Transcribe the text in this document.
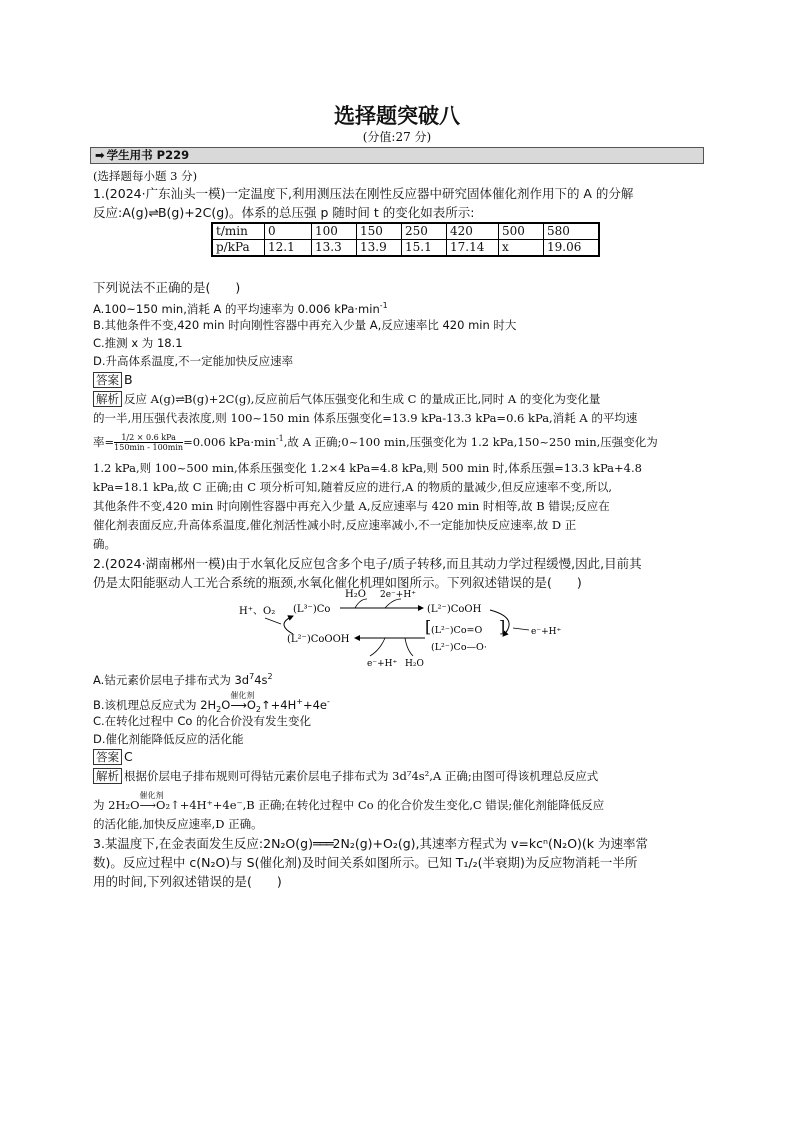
选择题突破八
(分值:27 分)
➡ 学生用书 P229
(选择题每小题 3 分)
1.(2024·广东汕头一模)一定温度下,利用测压法在刚性反应器中研究固体催化剂作用下的 A 的分解
反应:A(g)⇌B(g)+2C(g)。体系的总压强 p 随时间 t 的变化如表所示:
t/min	0	100	150	250	420	500	580
p/kPa	12.1	13.3	13.9	15.1	17.14	x	19.06
下列说法不正确的是(　　)
A.100~150 min,消耗 A 的平均速率为 0.006 $kPa\cdot\min^{-1}$
B.其他条件不变,420 min 时向刚性容器中再充入少量 A,反应速率比 420 min 时大
C.推测 x 为 18.1
D.升高体系温度,不一定能加快反应速率
答案 B
解析 反应 A(g)⇌B(g)+2C(g),反应前后气体压强变化和生成 C 的量成正比,同时 A 的变化为变化量
的一半,用压强代表浓度,则 100~150 min 体系压强变化=13.9 kPa-13.3 kPa=0.6 kPa,消耗 A 的平均速
率= $\frac{\text{1/2 × 0.6 kPa}}{150\min - 100\min} =0.006$ $kPa\cdot\min^{-1}$,故 A 正确;0~100 min,压强变化为 1.2 kPa,150~250 min,压强变化为
1.2 kPa,则 100~500 min,体系压强变化 1.2×4 kPa=4.8 kPa,则 500 min 时,体系压强=13.3 kPa+4.8
kPa=18.1 kPa,故 C 正确;由 C 项分析可知,随着反应的进行,A 的物质的量减少,但反应速率不变,所以,
其他条件不变,420 min 时向刚性容器中再充入少量 A,反应速率与 420 min 时相等,故 B 错误;反应在
催化剂表面反应,升高体系温度,催化剂活性减小时,反应速率减小,不一定能加快反应速率,故 D 正
确。
2.(2024·湖南郴州一模)由于水氧化反应包含多个电子/质子转移,而且其动力学过程缓慢,因此,目前其
仍是太阳能驱动人工光合系统的瓶颈,水氧化催化机理如图所示。下列叙述错误的是(　　)
H⁺、O₂ (L³⁻)Co
H₂O 2e⁻+H⁺
(L²⁻)CoOH
e⁻+H⁺
[ (L²⁻)Co=O
(L²⁻)Co—O·
]
e⁻+H⁺ H₂O
(L²⁻)CoOOH
A.钴元素价层电子排布式为 $3d^74s^2$
B.该机理总反应式为 $2H_2O$
催化剂
$⟶O_2↑+4H^++4e^-$
C.在转化过程中 Co 的化合价没有发生变化
D.催化剂能降低反应的活化能
答案 C
解析 根据价层电子排布规则可得钴元素价层电子排布式为 3d⁷4s²,A 正确;由图可得该机理总反应式
为 2H₂O
催化剂
⟶O₂↑+4H⁺+4e⁻,B 正确;在转化过程中 Co 的化合价发生变化,C 错误;催化剂能降低反应
的活化能,加快反应速率,D 正确。
3.某温度下,在金表面发生反应:2N₂O(g)═══2N₂(g)+O₂(g),其速率方程式为 v=kcⁿ(N₂O)(k 为速率常
数)。反应过程中 c(N₂O)与 S(催化剂)及时间关系如图所示。已知 T₁/₂(半衰期)为反应物消耗一半所
用的时间,下列叙述错误的是(　　)
